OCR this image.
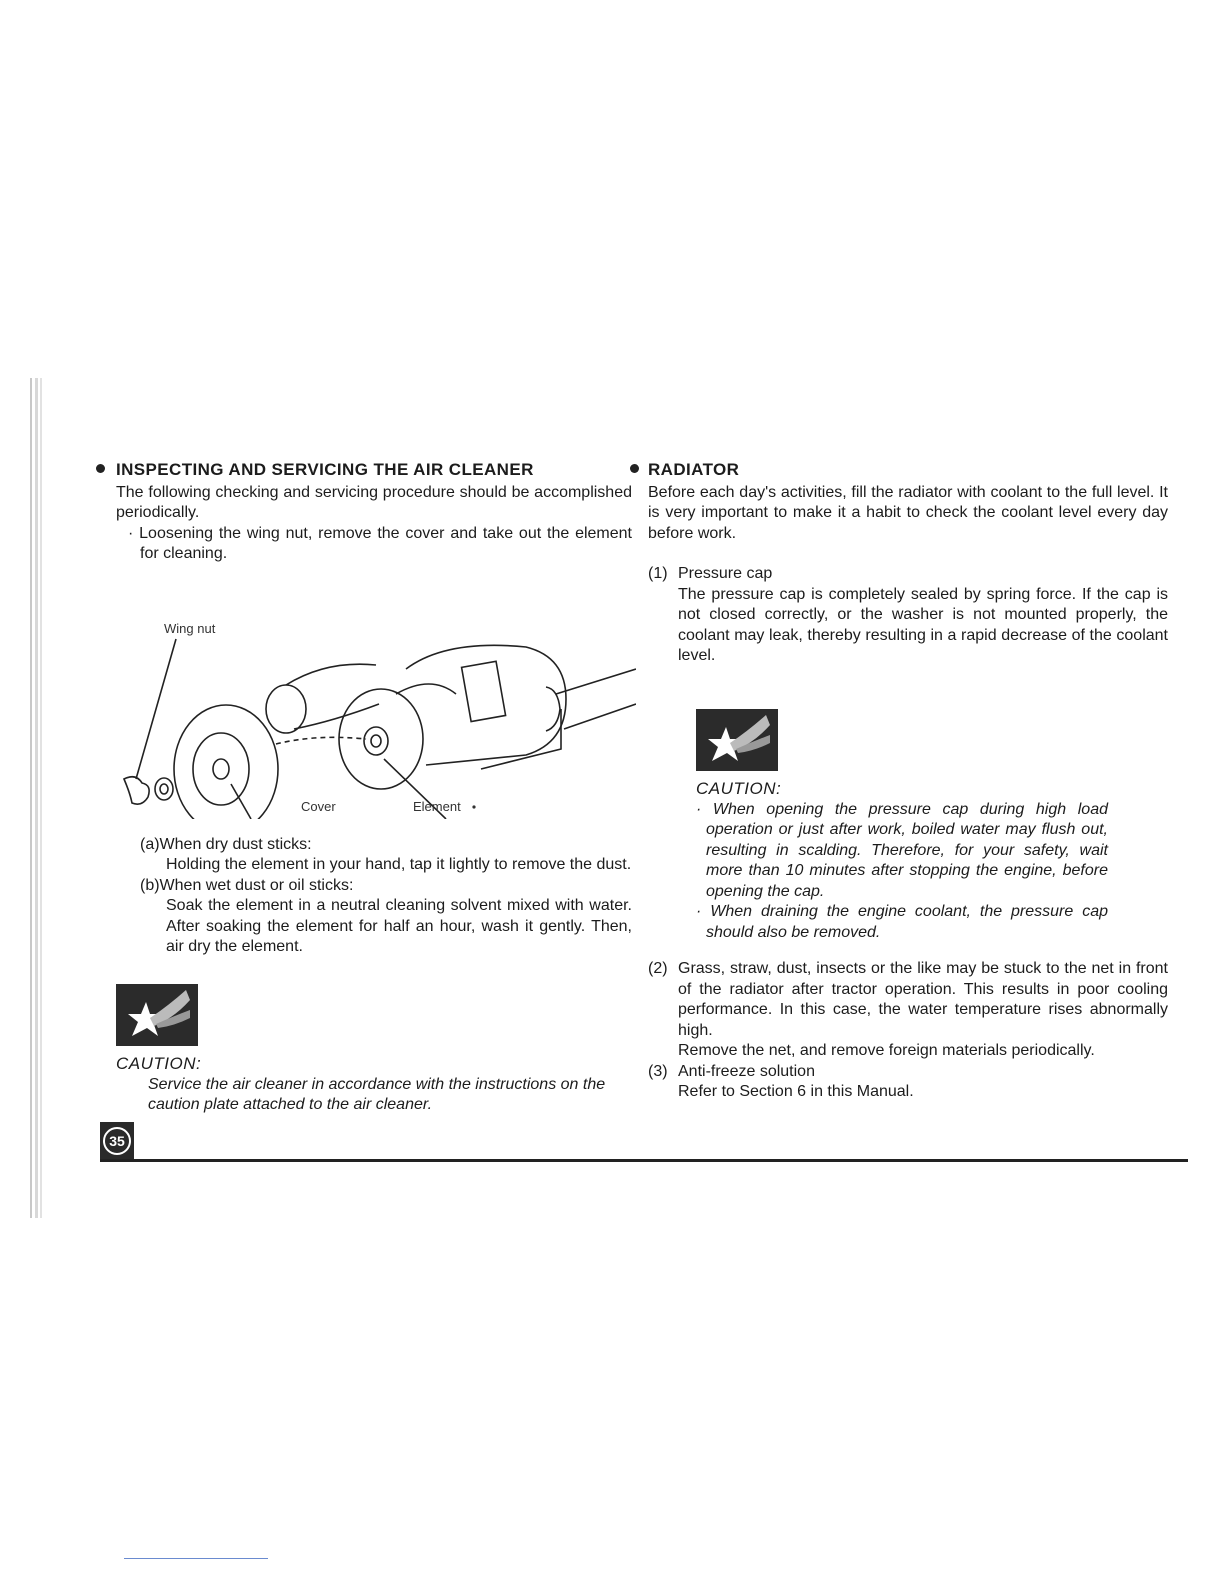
INSPECTING AND SERVICING THE AIR CLEANER

The following checking and servicing procedure should be accomplished periodically.

· Loosening the wing nut, remove the cover and take out the element for cleaning.

Wing nut
Cover	Element

(a)When dry dust sticks:

Holding the element in your hand, tap it lightly to remove the dust.

(b)When wet dust or oil sticks:

Soak the element in a neutral cleaning solvent mixed with water. After soaking the element for half an hour, wash it gently. Then, air dry the element.

CAUTION:

Service the air cleaner in accordance with the instructions on the caution plate attached to the air cleaner.

RADIATOR

Before each day's activities, fill the radiator with coolant to the full level. It is very important to make it a habit to check the coolant level every day before work.

(1) Pressure cap
The pressure cap is completely sealed by spring force. If the cap is not closed correctly, or the washer is not mounted properly, the coolant may leak, thereby resulting in a rapid decrease of the coolant level.

CAUTION:

· When opening the pressure cap during high load operation or just after work, boiled water may flush out, resulting in scalding. Therefore, for your safety, wait more than 10 minutes after stopping the engine, before opening the cap.

· When draining the engine coolant, the pressure cap should also be removed.

(2) Grass, straw, dust, insects or the like may be stuck to the net in front of the radiator after tractor operation. This results in poor cooling performance. In this case, the water temperature rises abnormally high.
Remove the net, and remove foreign materials periodically.
(3) Anti-freeze solution
Refer to Section 6 in this Manual.
35
